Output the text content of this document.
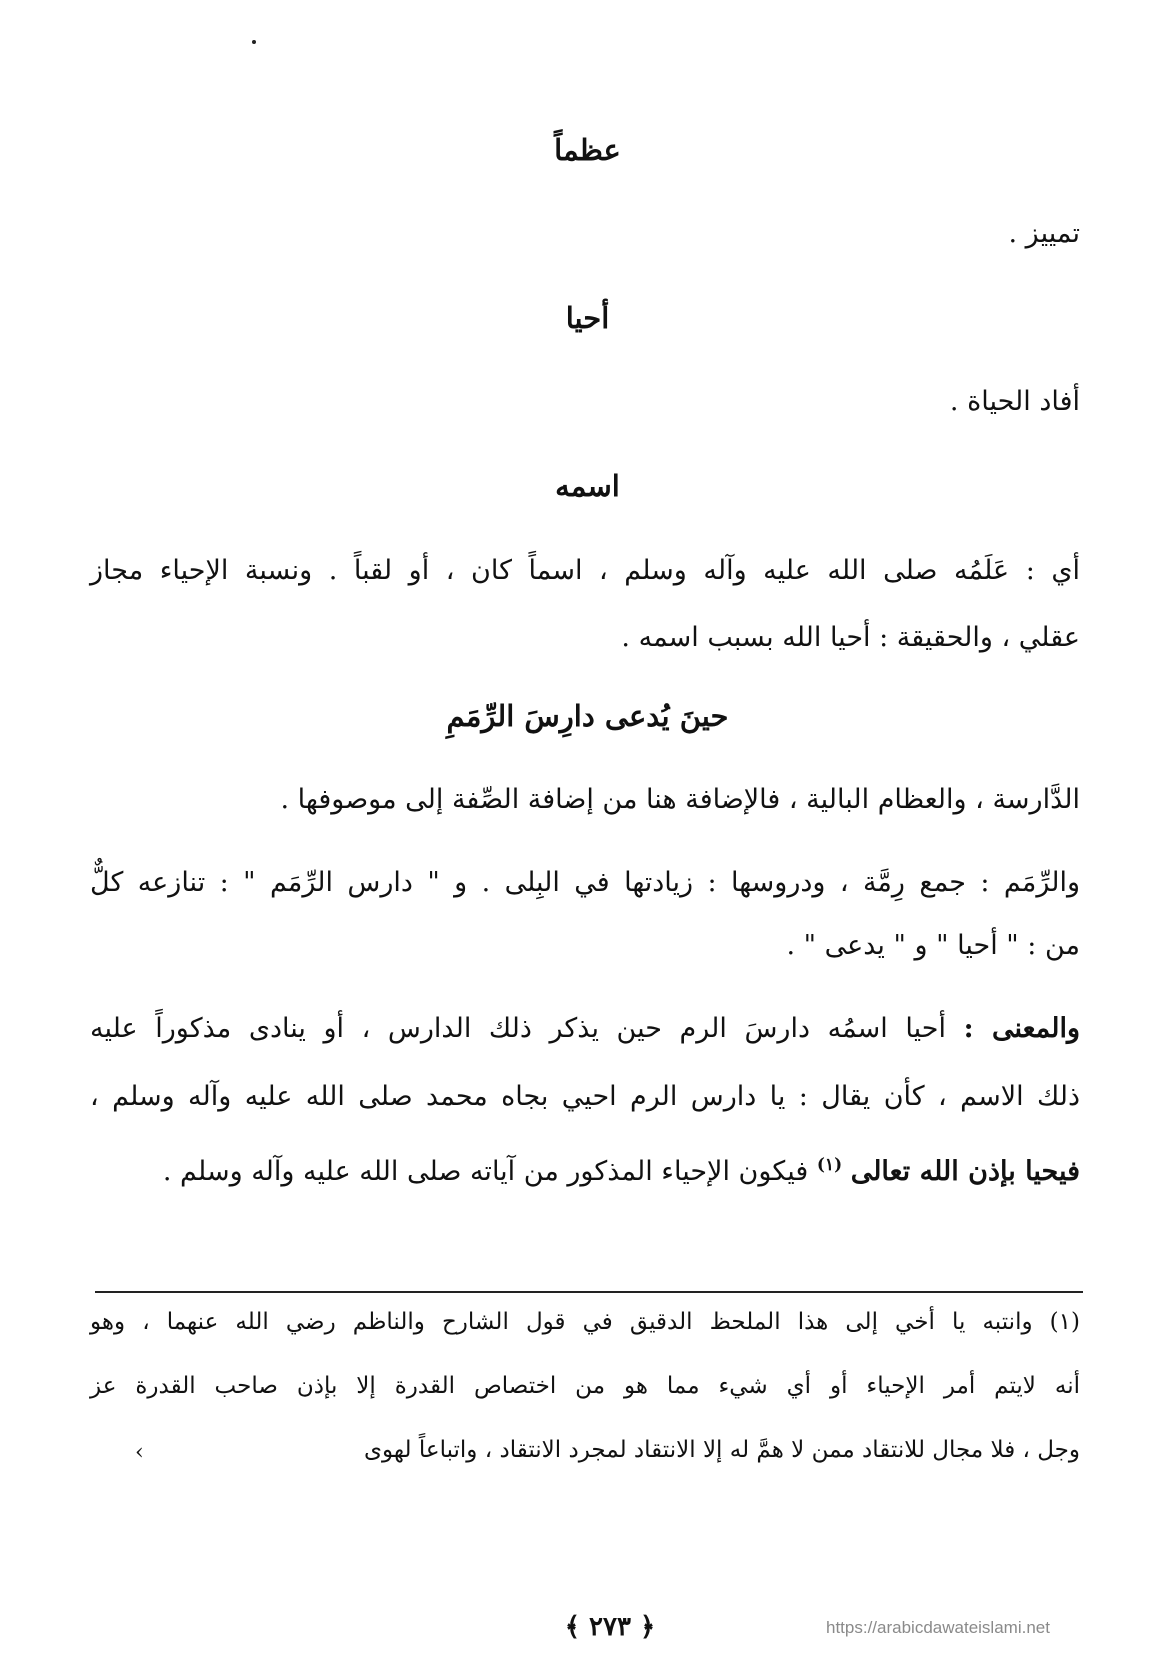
عظماً
تمييز .
أحيا
أفاد الحياة .
اسمه
أي : عَلَمُه صلى الله عليه وآله وسلم ، اسماً كان ، أو لقباً . ونسبة الإحياء مجاز
عقلي ، والحقيقة : أحيا الله بسبب اسمه .
حينَ يُدعى دارِسَ الرِّمَمِ
الدَّارسة ، والعظام البالية ، فالإضافة هنا من إضافة الصِّفة إلى موصوفها .
والرِّمَم : جمع رِمَّة ، ودروسها : زيادتها في البِلى . و " دارس الرِّمَم " : تنازعه كلٌّ
من : " أحيا " و " يدعى " .
والمعنى : أحيا اسمُه دارسَ الرم حين يذكر ذلك الدارس ، أو ينادى مذكوراً عليه
ذلك الاسم ، كأن يقال : يا دارس الرم احيي بجاه محمد صلى الله عليه وآله وسلم ،
فيحيا بإذن الله تعالى $^{(١)}$ فيكون الإحياء المذكور من آياته صلى الله عليه وآله وسلم .
(١) وانتبه يا أخي إلى هذا الملحظ الدقيق في قول الشارح والناظم رضي الله عنهما ، وهو
أنه لايتم أمر الإحياء أو أي شيء مما هو من اختصاص القدرة إلا بإذن صاحب القدرة عز
وجل ، فلا مجال للانتقاد ممن لا همَّ له إلا الانتقاد لمجرد الانتقاد ، واتباعاً لهوى
›
﴿ ٢٧٣ ﴾	https://arabicdawateislami.net
